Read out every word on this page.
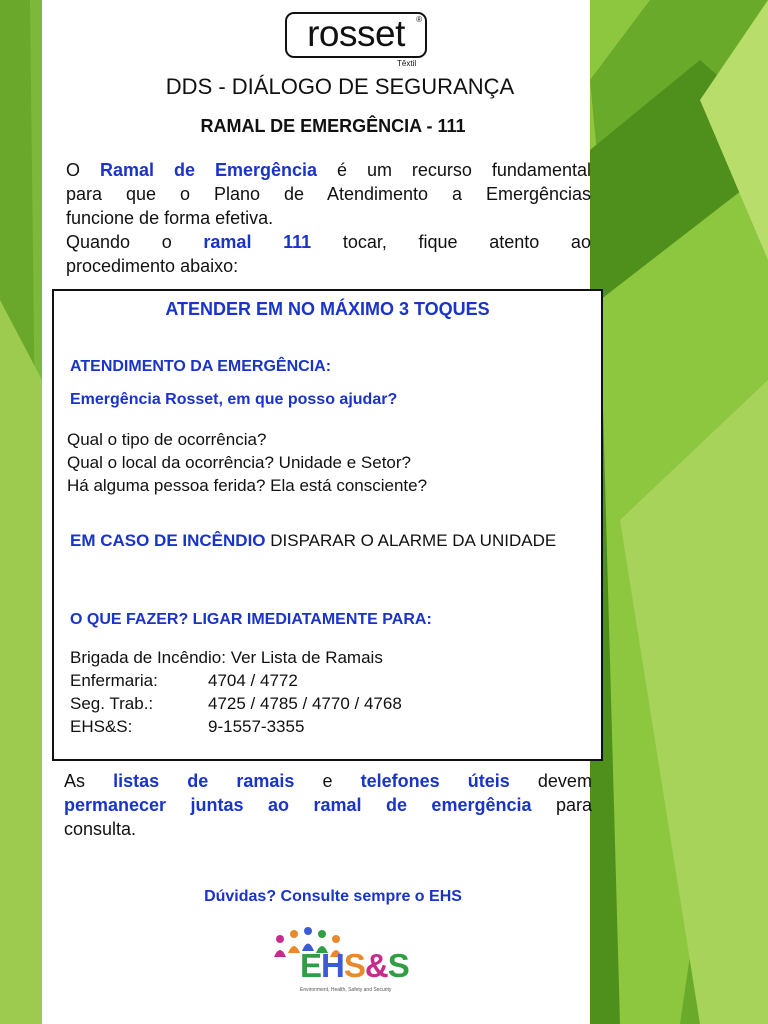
rosset	®
Têxtil
DDS - DIÁLOGO DE SEGURANÇA
RAMAL DE EMERGÊNCIA - 111
O Ramal de Emergência é um recurso fundamental
para que o Plano de Atendimento a Emergências
funcione de forma efetiva.
Quando o ramal 111 tocar, fique atento ao
procedimento abaixo:
ATENDER EM NO MÁXIMO 3 TOQUES
ATENDIMENTO DA EMERGÊNCIA:
Emergência Rosset, em que posso ajudar?
Qual o tipo de ocorrência?
Qual o local da ocorrência? Unidade e Setor?
Há alguma pessoa ferida? Ela está consciente?
EM CASO DE INCÊNDIO DISPARAR O ALARME DA UNIDADE
O QUE FAZER? LIGAR IMEDIATAMENTE PARA:
Brigada de Incêndio: Ver Lista de Ramais
Enfermaria:	4704 / 4772
Seg. Trab.:	4725 / 4785 / 4770 / 4768
EHS&S:	9-1557-3355
As listas de ramais e telefones úteis devem
permanecer juntas ao ramal de emergência para
consulta.
Dúvidas? Consulte sempre o EHS
EHS&S
Environment, Health, Safety and Security
